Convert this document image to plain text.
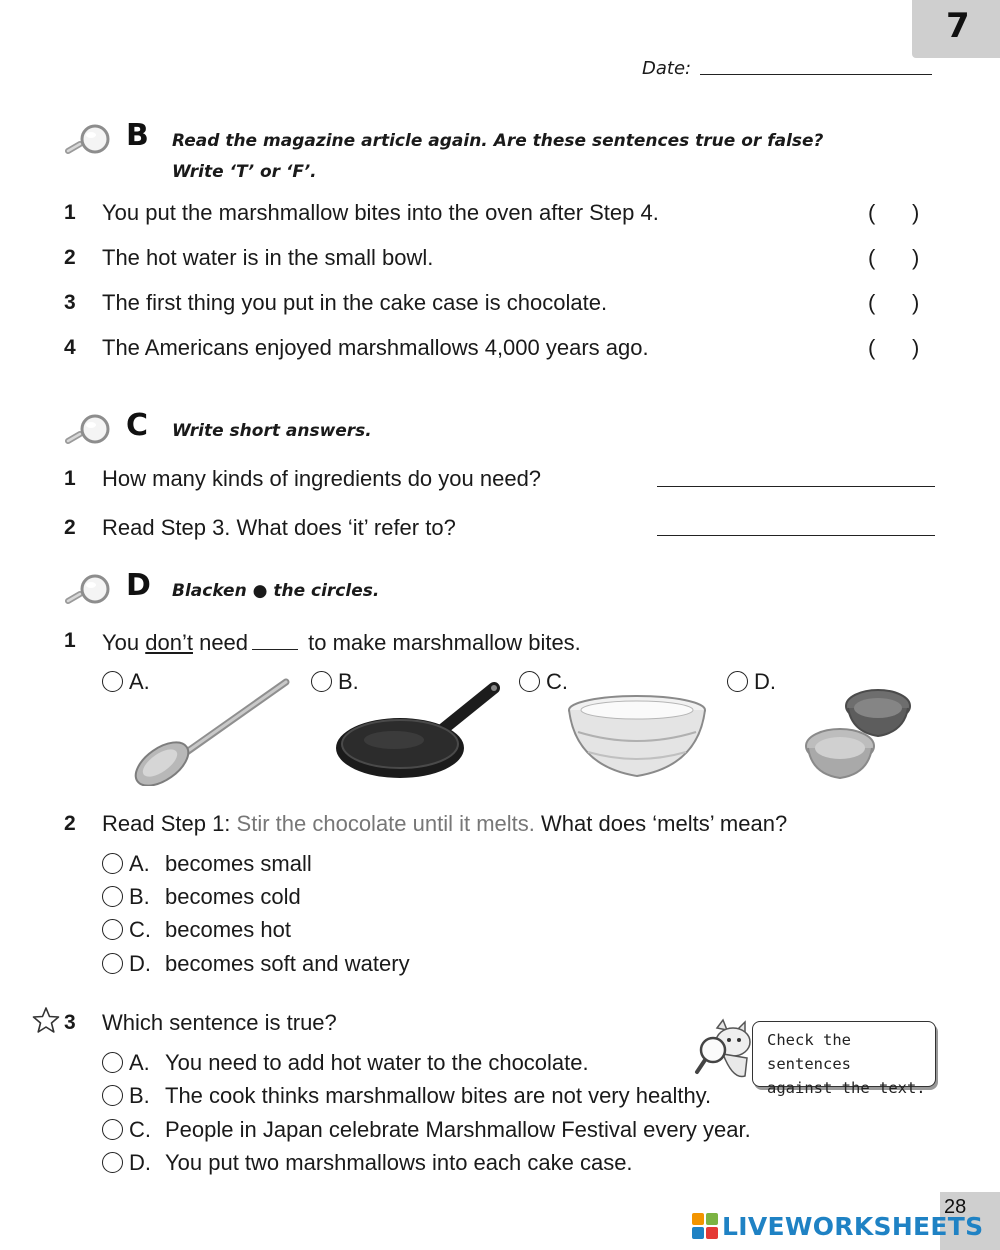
7
Date:
B Read the magazine article again. Are these sentences true or false?
Write ‘T’ or ‘F’.
1 You put the marshmallow bites into the oven after Step 4.	(      )
2 The hot water is in the small bowl.	(      )
3 The first thing you put in the cake case is chocolate.	(      )
4 The Americans enjoyed marshmallows 4,000 years ago.	(      )
C Write short answers.
1 How many kinds of ingredients do you need?
2 Read Step 3. What does ‘it’ refer to?
D Blacken ● the circles.
1 You don’t need to make marshmallow bites.
A.	B.	C.	D.
2 Read Step 1: Stir the chocolate until it melts. What does ‘melts’ mean?
A. becomes small
B. becomes cold
C. becomes hot
D. becomes soft and watery
3 Which sentence is true?
Check the sentences
against the text.
A. You need to add hot water to the chocolate.
B. The cook thinks marshmallow bites are not very healthy.
C. People in Japan celebrate Marshmallow Festival every year.
D. You put two marshmallows into each cake case.
28
LIVEWORKSHEETS
